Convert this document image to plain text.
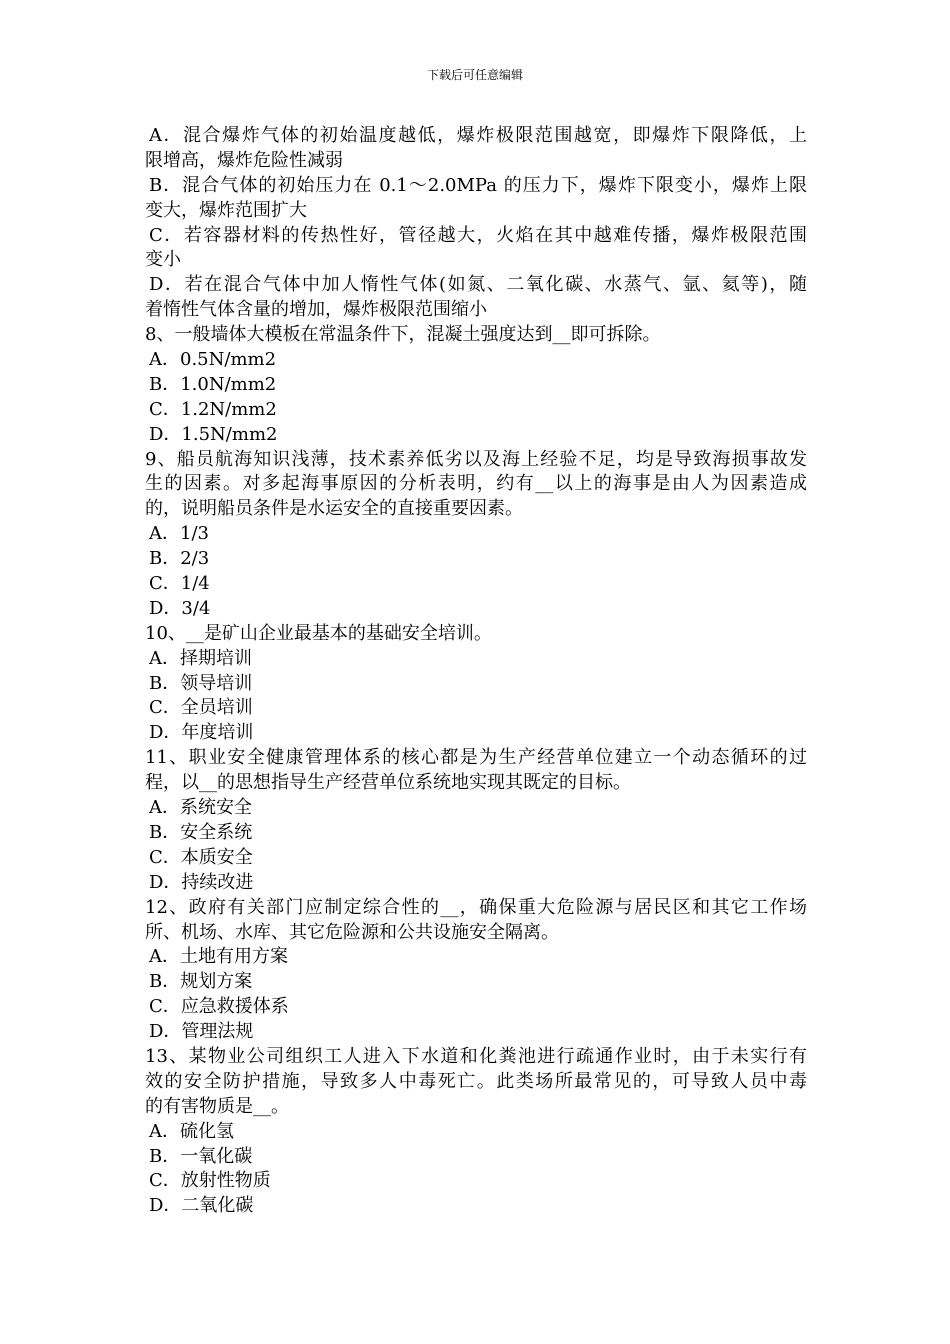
下载后可任意编辑
A．混合爆炸气体的初始温度越低，爆炸极限范围越宽，即爆炸下限降低，上
限增高，爆炸危险性减弱
B．混合气体的初始压力在 0.1～2.0MPa 的压力下，爆炸下限变小，爆炸上限
变大，爆炸范围扩大
C．若容器材料的传热性好，管径越大，火焰在其中越难传播，爆炸极限范围
变小
D．若在混合气体中加人惰性气体(如氮、二氧化碳、水蒸气、氩、氦等)，随
着惰性气体含量的增加，爆炸极限范围缩小
8、一般墙体大模板在常温条件下，混凝土强度达到__即可拆除。
A．0.5N/mm2
B．1.0N/mm2
C．1.2N/mm2
D．1.5N/mm2
9、船员航海知识浅薄，技术素养低劣以及海上经验不足，均是导致海损事故发
生的因素。对多起海事原因的分析表明，约有__以上的海事是由人为因素造成
的，说明船员条件是水运安全的直接重要因素。
A．1/3
B．2/3
C．1/4
D．3/4
10、__是矿山企业最基本的基础安全培训。
A．择期培训
B．领导培训
C．全员培训
D．年度培训
11、职业安全健康管理体系的核心都是为生产经营单位建立一个动态循环的过
程，以__的思想指导生产经营单位系统地实现其既定的目标。
A．系统安全
B．安全系统
C．本质安全
D．持续改进
12、政府有关部门应制定综合性的__，确保重大危险源与居民区和其它工作场
所、机场、水库、其它危险源和公共设施安全隔离。
A．土地有用方案
B．规划方案
C．应急救援体系
D．管理法规
13、某物业公司组织工人进入下水道和化粪池进行疏通作业时，由于未实行有
效的安全防护措施，导致多人中毒死亡。此类场所最常见的，可导致人员中毒
的有害物质是__。
A．硫化氢
B．一氧化碳
C．放射性物质
D．二氧化碳
